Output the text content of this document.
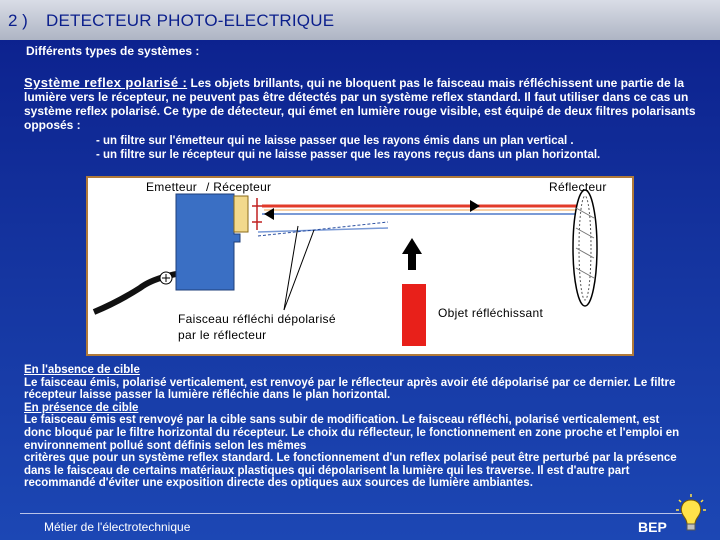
2 ) DETECTEUR PHOTO-ELECTRIQUE
Différents types de systèmes :
Système reflex polarisé : Les objets brillants, qui ne bloquent pas le faisceau mais réfléchissent une partie de la
lumière vers le récepteur, ne peuvent pas être détectés par un système reflex standard. Il faut utiliser dans ce cas un
système reflex polarisé. Ce type de détecteur, qui émet en lumière rouge visible, est équipé de deux filtres polarisants
opposés :
- un filtre sur l'émetteur qui ne laisse passer que les rayons émis dans un plan vertical .
- un filtre sur le récepteur qui ne laisse passer que les rayons reçus dans un plan horizontal.
Emetteur / Récepteur	Réflecteur
Objet réfléchissant
Faisceau réfléchi dépolarisé
par le réflecteur
En l'absence de cible
Le faisceau émis, polarisé verticalement, est renvoyé par le réflecteur après avoir été dépolarisé par ce dernier. Le filtre
récepteur laisse passer la lumière réfléchie dans le plan horizontal.
En présence de cible
Le faisceau émis est renvoyé par la cible sans subir de modification. Le faisceau réfléchi, polarisé verticalement, est
donc bloqué par le filtre horizontal du récepteur. Le choix du réflecteur, le fonctionnement en zone proche et l'emploi en
environnement pollué sont définis selon les mêmes
critères que pour un système reflex standard. Le fonctionnement d'un reflex polarisé peut être perturbé par la présence
dans le faisceau de certains matériaux plastiques qui dépolarisent la lumière qui les traverse. Il est d'autre part
recommandé d'éviter une exposition directe des optiques aux sources de lumière ambiantes.
Métier de l'électrotechnique	BEP
